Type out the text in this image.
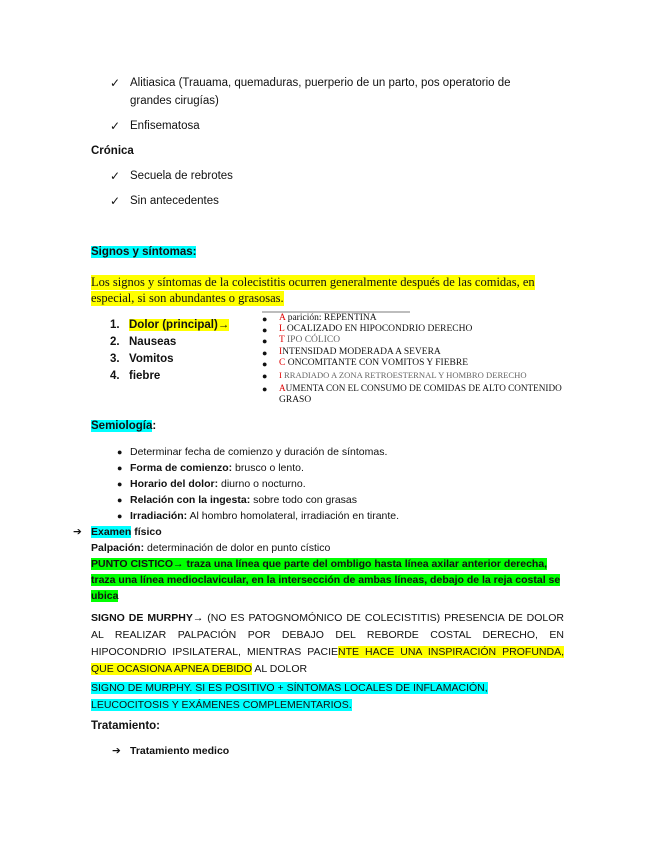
✓ Alitiasica (Trauama, quemaduras, puerperio de un parto, pos operatorio de
grandes cirugías)
✓ Enfisematosa
Crónica
✓ Secuela de rebrotes
✓ Sin antecedentes
Signos y síntomas:
Los signos y síntomas de la colecistitis ocurren generalmente después de las comidas, en
especial, si son abundantes o grasosas.
1. Dolor (principal)→
2. Nauseas
3. Vomitos
4. fiebre
● A parición: REPENTINA
● L OCALIZADO EN HIPOCONDRIO DERECHO
● T IPO CÓLICO
● INTENSIDAD MODERADA A SEVERA
● C ONCOMITANTE CON VOMITOS Y FIEBRE
● I RRADIADO A ZONA RETROESTERNAL Y HOMBRO DERECHO
● AUMENTA CON EL CONSUMO DE COMIDAS DE ALTO CONTENIDO
GRASO
Semiología:
● Determinar fecha de comienzo y duración de síntomas.
● Forma de comienzo: brusco o lento.
● Horario del dolor: diurno o nocturno.
● Relación con la ingesta: sobre todo con grasas
● Irradiación: Al hombro homolateral, irradiación en tirante.
➔ Examen físico
Palpación: determinación de dolor en punto cístico
PUNTO CISTICO→ traza una línea que parte del ombligo hasta línea axilar anterior derecha, traza una línea medioclavicular, en la intersección de ambas líneas, debajo de la reja costal se ubica
SIGNO DE MURPHY→ (NO ES PATOGNOMÓNICO DE COLECISTITIS) PRESENCIA DE DOLOR AL REALIZAR PALPACIÓN POR DEBAJO DEL REBORDE COSTAL DERECHO, EN HIPOCONDRIO IPSILATERAL, MIENTRAS PACIENTE HACE UNA INSPIRACIÓN PROFUNDA, QUE OCASIONA APNEA DEBIDO AL DOLOR
SIGNO DE MURPHY. SI ES POSITIVO + SÍNTOMAS LOCALES DE INFLAMACIÓN, LEUCOCITOSIS Y EXÁMENES COMPLEMENTARIOS.
Tratamiento:
➔ Tratamiento medico
